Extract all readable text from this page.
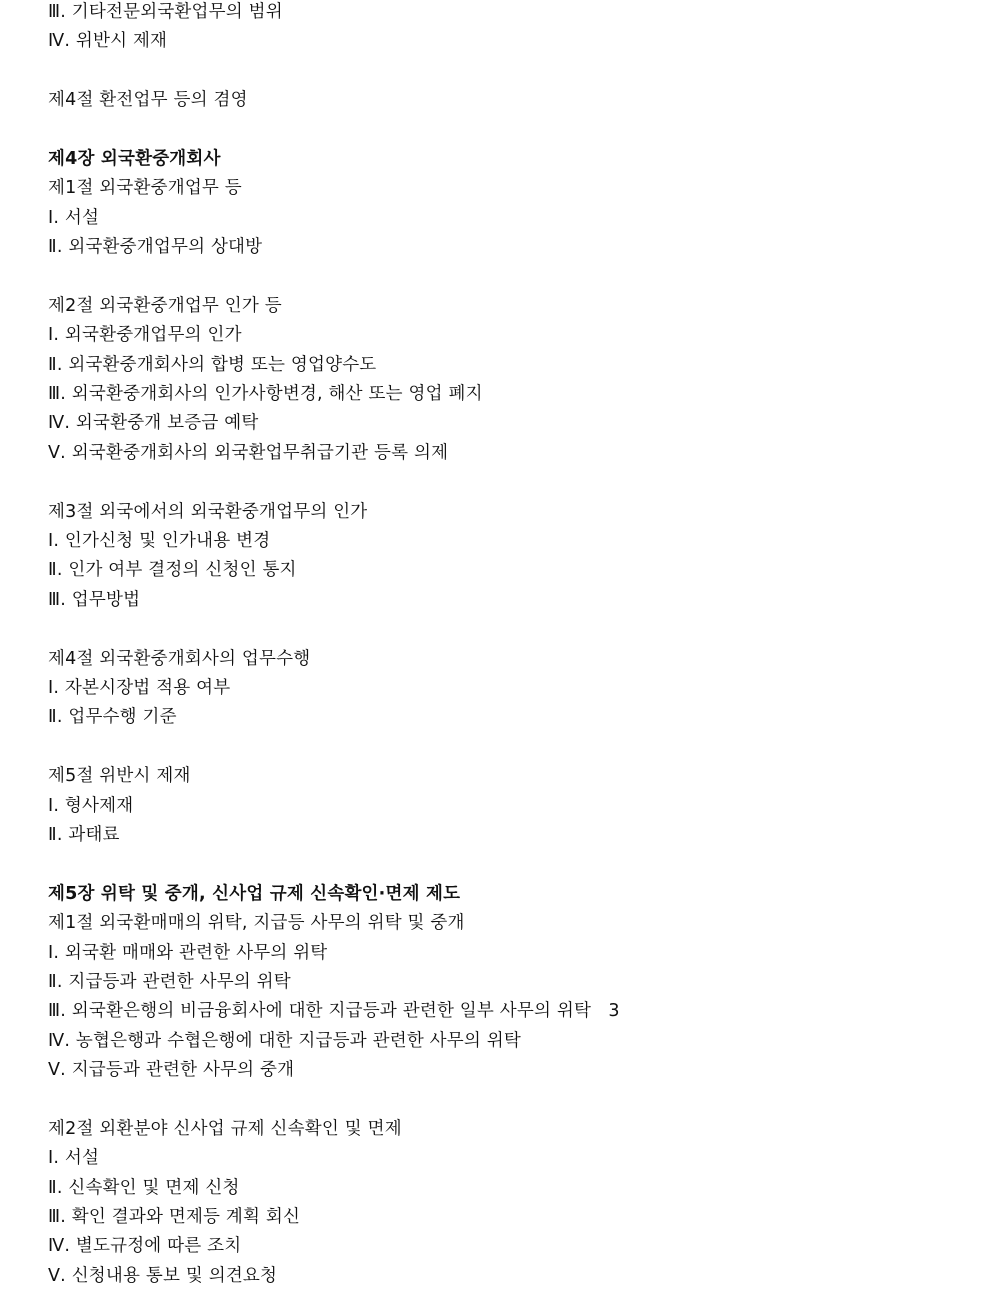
Ⅲ. 기타전문외국환업무의 범위
Ⅳ. 위반시 제재
제4절 환전업무 등의 겸영
제4장 외국환중개회사
제1절 외국환중개업무 등
Ⅰ. 서설
Ⅱ. 외국환중개업무의 상대방
제2절 외국환중개업무 인가 등
Ⅰ. 외국환중개업무의 인가
Ⅱ. 외국환중개회사의 합병 또는 영업양수도
Ⅲ. 외국환중개회사의 인가사항변경, 해산 또는 영업 폐지
Ⅳ. 외국환중개 보증금 예탁
Ⅴ. 외국환중개회사의 외국환업무취급기관 등록 의제
제3절 외국에서의 외국환중개업무의 인가
Ⅰ. 인가신청 및 인가내용 변경
Ⅱ. 인가 여부 결정의 신청인 통지
Ⅲ. 업무방법
제4절 외국환중개회사의 업무수행
Ⅰ. 자본시장법 적용 여부
Ⅱ. 업무수행 기준
제5절 위반시 제재
Ⅰ. 형사제재
Ⅱ. 과태료
제5장 위탁 및 중개, 신사업 규제 신속확인·면제 제도
제1절 외국환매매의 위탁, 지급등 사무의 위탁 및 중개
Ⅰ. 외국환 매매와 관련한 사무의 위탁
Ⅱ. 지급등과 관련한 사무의 위탁
Ⅲ. 외국환은행의 비금융회사에 대한 지급등과 관련한 일부 사무의 위탁   3
Ⅳ. 농협은행과 수협은행에 대한 지급등과 관련한 사무의 위탁
Ⅴ. 지급등과 관련한 사무의 중개
제2절 외환분야 신사업 규제 신속확인 및 면제
Ⅰ. 서설
Ⅱ. 신속확인 및 면제 신청
Ⅲ. 확인 결과와 면제등 계획 회신
Ⅳ. 별도규정에 따른 조치
Ⅴ. 신청내용 통보 및 의견요청
